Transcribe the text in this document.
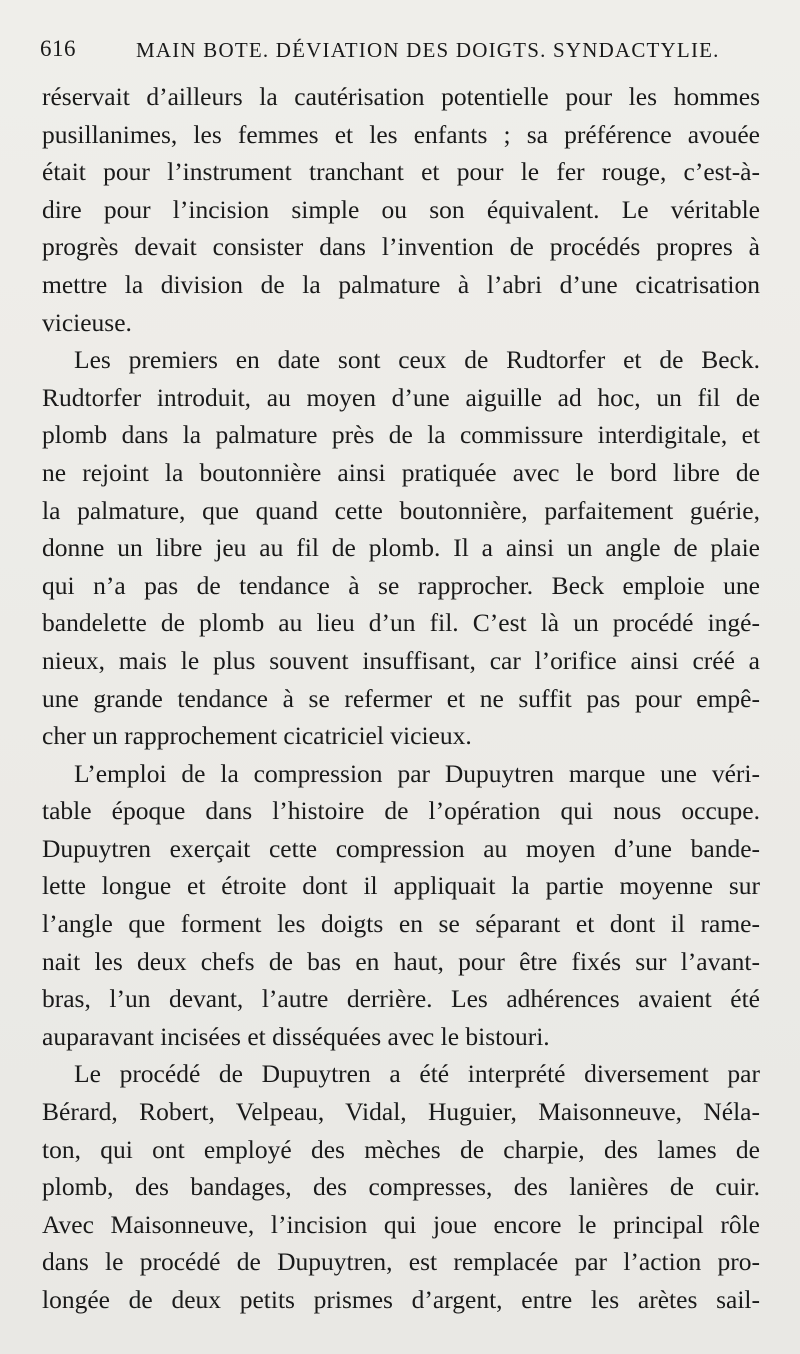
616	MAIN BOTE. DÉVIATION DES DOIGTS. SYNDACTYLIE.
réservait d’ailleurs la cautérisation potentielle pour les hommes
pusillanimes, les femmes et les enfants ; sa préférence avouée
était pour l’instrument tranchant et pour le fer rouge, c’est-à-
dire pour l’incision simple ou son équivalent. Le véritable
progrès devait consister dans l’invention de procédés propres à
mettre la division de la palmature à l’abri d’une cicatrisation
vicieuse.
Les premiers en date sont ceux de Rudtorfer et de Beck.
Rudtorfer introduit, au moyen d’une aiguille ad hoc, un fil de
plomb dans la palmature près de la commissure interdigitale, et
ne rejoint la boutonnière ainsi pratiquée avec le bord libre de
la palmature, que quand cette boutonnière, parfaitement guérie,
donne un libre jeu au fil de plomb. Il a ainsi un angle de plaie
qui n’a pas de tendance à se rapprocher. Beck emploie une
bandelette de plomb au lieu d’un fil. C’est là un procédé ingé-
nieux, mais le plus souvent insuffisant, car l’orifice ainsi créé a
une grande tendance à se refermer et ne suffit pas pour empê-
cher un rapprochement cicatriciel vicieux.
L’emploi de la compression par Dupuytren marque une véri-
table époque dans l’histoire de l’opération qui nous occupe.
Dupuytren exerçait cette compression au moyen d’une bande-
lette longue et étroite dont il appliquait la partie moyenne sur
l’angle que forment les doigts en se séparant et dont il rame-
nait les deux chefs de bas en haut, pour être fixés sur l’avant-
bras, l’un devant, l’autre derrière. Les adhérences avaient été
auparavant incisées et disséquées avec le bistouri.
Le procédé de Dupuytren a été interprété diversement par
Bérard, Robert, Velpeau, Vidal, Huguier, Maisonneuve, Néla-
ton, qui ont employé des mèches de charpie, des lames de
plomb, des bandages, des compresses, des lanières de cuir.
Avec Maisonneuve, l’incision qui joue encore le principal rôle
dans le procédé de Dupuytren, est remplacée par l’action pro-
longée de deux petits prismes d’argent, entre les arètes sail-
